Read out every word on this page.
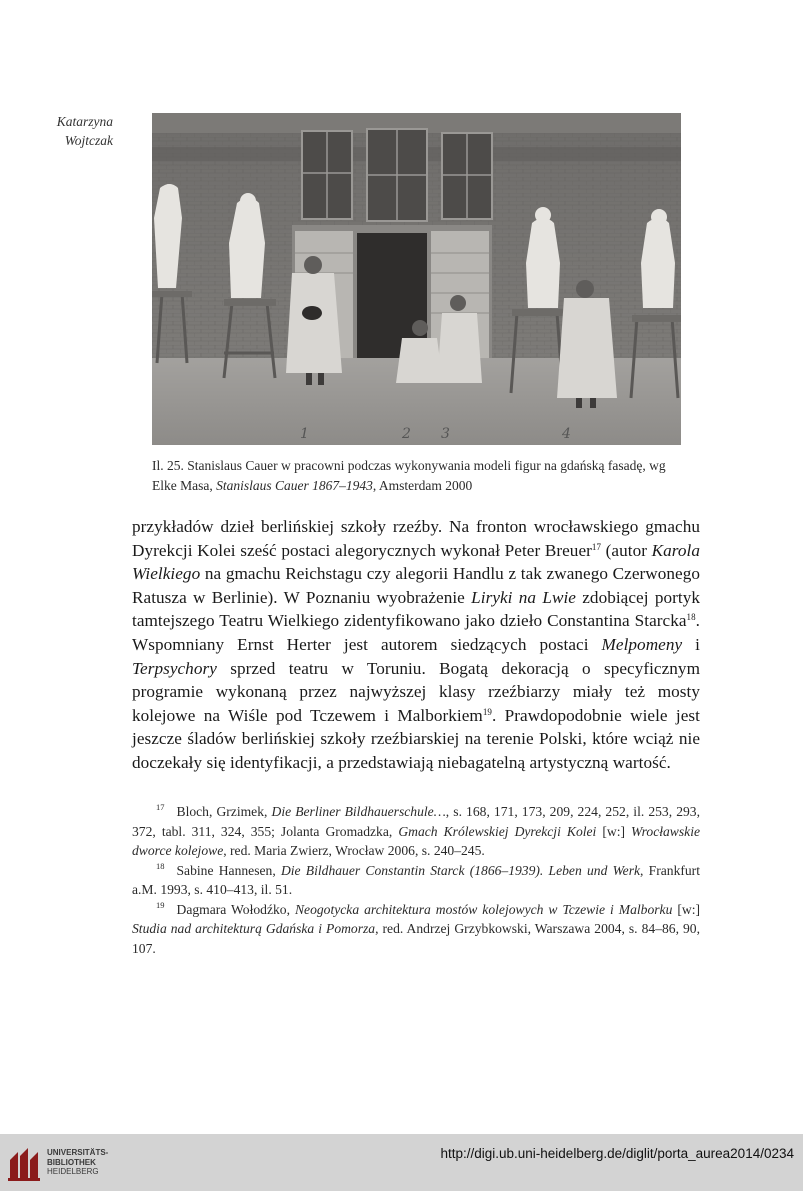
Katarzyna
Wojtczak
1	2 3	4
Il. 25. Stanislaus Cauer w pracowni podczas wykonywania modeli figur na gdańską fasadę, wg Elke Masa, Stanislaus Cauer 1867–1943, Amsterdam 2000

przykładów dzieł berlińskiej szkoły rzeźby. Na fronton wrocławskiego gmachu Dyrekcji Kolei sześć postaci alegorycznych wykonał Peter Breuer$^{17}$ (autor Karola Wielkiego na gmachu Reichstagu czy alegorii Handlu z tak zwanego Czerwonego Ratusza w Berlinie). W Poznaniu wyobrażenie Liryki na Lwie zdobiącej portyk tamtejszego Teatru Wielkiego zidentyfikowano jako dzieło Constantina Starcka$^{18}$. Wspomniany Ernst Herter jest autorem siedzących postaci Melpomeny i Terpsychory sprzed teatru w Toruniu. Bogatą dekoracją o specyficznym programie wykonaną przez najwyższej klasy rzeźbiarzy miały też mosty kolejowe na Wiśle pod Tczewem i Malborkiem$^{19}$. Prawdopodobnie wiele jest jeszcze śladów berlińskiej szkoły rzeźbiarskiej na terenie Polski, które wciąż nie doczekały się identyfikacji, a przedstawiają niebagatelną artystyczną wartość.

$^{17}$ Bloch, Grzimek, Die Berliner Bildhauerschule…, s. 168, 171, 173, 209, 224, 252, il. 253, 293, 372, tabl. 311, 324, 355; Jolanta Gromadzka, Gmach Królewskiej Dyrekcji Kolei [w:] Wrocławskie dworce kolejowe, red. Maria Zwierz, Wrocław 2006, s. 240–245.

$^{18}$ Sabine Hannesen, Die Bildhauer Constantin Starck (1866–1939). Leben und Werk, Frankfurt a.M. 1993, s. 410–413, il. 51.

$^{19}$ Dagmara Wołodźko, Neogotycka architektura mostów kolejowych w Tczewie i Malborku [w:] Studia nad architekturą Gdańska i Pomorza, red. Andrzej Grzybkowski, Warszawa 2004, s. 84–86, 90, 107.

UNIVERSITÄTS-
BIBLIOTHEK
HEIDELBERG
http://digi.ub.uni-heidelberg.de/diglit/porta_aurea2014/0234
